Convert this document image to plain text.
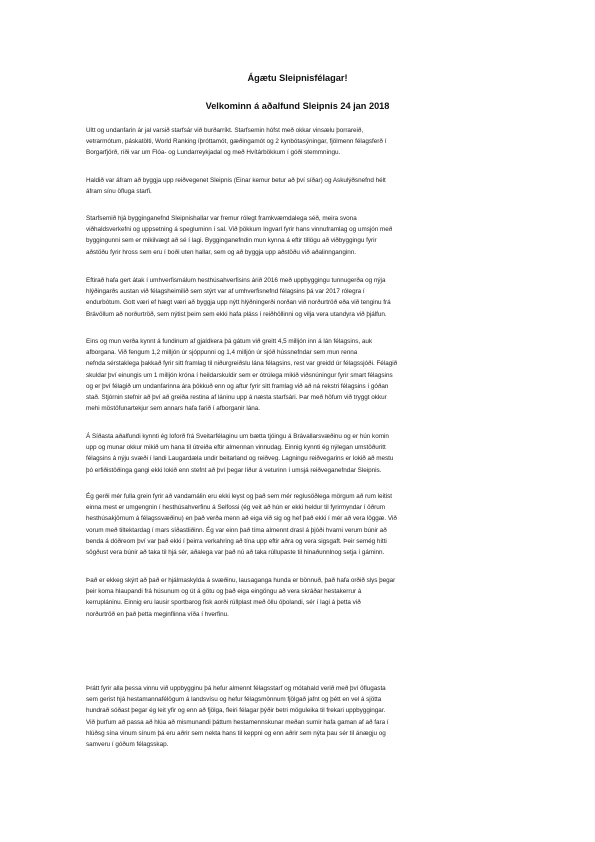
Ágætu Sleipnisfélagar!
Velkominn á aðalfund Sleipnis 24 jan 2018
Ultt og undanfarin ár jal varsið starfsár við burðarríkt. Starfsemin hófst með okkar vinsælu þorrareið,
vetrarmótum, páskatölti, World Ranking íþróttamót, gæðingamót og 2 kynbótasýningar, fjölmenn félagsferð í
Borgarfjörð, ríði var um Flóa- og Lundarreykjadal og með Hvítárbökkum í góði stemmningu.
Haldið var áfram að byggja upp reiðvegenet Sleipnis (Einar kemur betur að því síðar) og Askulýðsnefnd hélt
áfram sínu öfluga starfi.
Starfsemið hjá bygginganefnd Sleipnishallar var fremur rólegt framkvæmdalega séð, meira svona
viðhaldsverkefni og uppsetning á spegluminn í sal. Við þökkum Ingvarl fyrir hans vinnuframlag og umsjón með
byggingunni sem er mikilvægt að sé í lagi. Bygginganefndin mun kynna á eftir tillögu að viðbyggingu fyrir
aðstöðu fyrir hross sem eru í boði uten hallar, sem og að byggja upp aðstöðu við aðalinnganginn.
Eftirað hafa gert átak í umhverfismálum hesthúsahverfisins árið 2016 með uppbyggingu tunnugerða og nýja
hlýðingarðs austan við félagsheimilið sem stýrt var af umhverfisnefnd félagsins þá var 2017 rólegra í
endurbótum. Gott væri ef hægt væri að byggja upp nýtt hlýðningerði norðan við norðurtröð eða við tenginu frá
Brávöllum að norðurtröð, sem nýtist þeim sem ekki hafa pláss í reiðhöllinni og vilja vera utandyra við þjálfun.
Eins og mun verða kynnt á fundinum af gjaldkera þá gátum við greitt 4,5 milljón inn á lán félagsins, auk
afborgana. Við fengum 1,2 milljón úr sjóppunni og 1,4 milljón úr sjóð hússnefndar sem mun renna
nefnda sérstaklega þakkað fyrir sitt framlag til niðurgreiðslu lána félagsins, rest var greidd úr félagssjóði. Félagið
skuldar því einungis um 1 milljón króna í heildarskuldir sem er ótrúlega mikið viðsnúningur fyrir smart félagsins
og er því félagið um undanfarinna ára þökkuð enn og aftur fyrir sitt framlag við að ná rekstri félagsins í góðan
stað. Stjórnin stefnir að því að greiða restina af láninu upp á næsta starfsári. Þar með höfum við tryggt okkur
mehi möstöfunartekjur sem annars hafa farið í afborganir lána.
Á Síðasta aðalfundi kynnti ég loforð frá Sveitarfélaginu um bætta tjóingu á Brávallarsvæðinu og er hún komin
upp og munar okkur mikið um hana til útreiða eftir almennan vinnudag. Einnig kynnti ég nýlegan umstöðuritt
félagsins á nýju svæði í landi Laugardæla undir beitarland og reiðveg. Lagningu reiðvegarins er lokið að mestu
þó erfiðistöðinga gangi ekki lokið enn stefnt að því þegar líður á veturinn í umsjá reiðveganefndar Sleipnis.
Ég gerði mér fulla grein fyrir að vandamálin eru ekki leyst og það sem mér reglusöðlega mörgum að rum leitist
einna mest er umgengnin í hesthúsahverfinu á Selfossi (ég veit að hún er ekki heldur til fyrirmyndar í öðrum
hesthúsakjörnum á félagssvæðinu) en það verða menn að eiga við sig og hef það ekki í mér að vera löggæ. Við
vorum með tiltektardag í mars síðastliðinn. Ég var einn það tíma almennt drasl á þjóði hvarni verum búnir að
benda á dóðreom því var það ekki í þeirra verkahring að tína upp eftir aðra og vera sigsgaft. Þeir semég hitti
sögðust vera búnir að taka til hjá sér, aðalega var það nú að taka rúllupaste til hinaðunnlnog setja í gáminn.
Það er ekkeg skýrt að það er hjálmaskylda á svæðinu, lausaganga hunda er bönnuð, það hafa orðið slys þegar
þeir koma hlaupandi frá húsunum og út á götu og það eiga eingöngu að vera skráðar hestakerrur á
kerrupláninu. Einnig eru lausir sportbarog fisk aorði rúllplast með öllu óþolandi, sér í lagi á þetta við
norðurtröð en það þetta meginflinna víða í hverfinu.
Þrátt fyrir alla þessa vinnu við uppbygginu þá hefur almennt félagsstarf og mótahald verið með því öflugasta
sem gerist hjá hestamannafélögum á landsvísu og hefur félagsmönnum fjölgað jafnt og þétt en vel á sjötta
hundrað sóðast þegar ég leit yfir og enn að fjölga, fleiri félagar þýðir betri möguleika til frekari uppbyggingar.
Við þurfum að passa að hlúa að mismunandi þáttum hestamennskunar meðan sumir hafa gaman af að fara í
hlúðsg sína vinum sínum þá eru aðrir sem nekta hans til keppni og enn aðrir sem nýta þau sér til ánægju og
samveru í góðum félagsskap.
